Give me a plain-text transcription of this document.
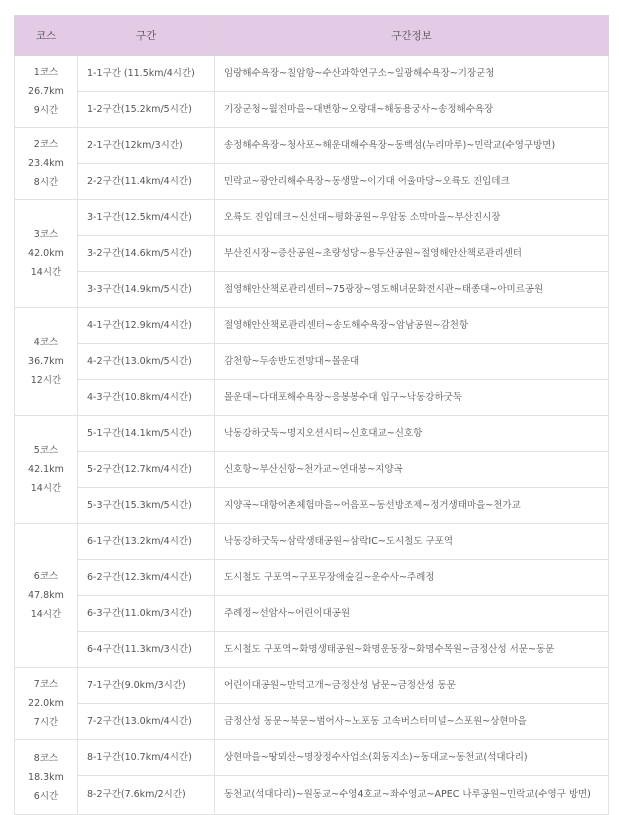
코스	구간	구간정보

1코스
26.7km
9시간	1-1구간 (11.5km/4시간)	임랑해수욕장~칠암항~수산과학연구소~일광해수욕장~기장군청
	1-2구간(15.2km/5시간)	기장군청~월전마을~대변항~오랑대~해동용궁사~송정해수욕장

2코스
23.4km
8시간	2-1구간(12km/3시간)	송정해수욕장~청사포~해운대해수욕장~동백섬(누리마루)~민락교(수영구방면)
	2-2구간(11.4km/4시간)	민락교~광안리해수욕장~동생말~이기대 어울마당~오륙도 진입데크

3코스
42.0km
14시간	3-1구간(12.5km/4시간)	오륙도 진입데크~신선대~평화공원~우암동 소막마을~부산진시장
	3-2구간(14.6km/5시간)	부산진시장~증산공원~초량성당~용두산공원~절영해안산책로관리센터
	3-3구간(14.9km/5시간)	절영해안산책로관리센터~75광장~영도해녀문화전시관~태종대~아미르공원

4코스
36.7km
12시간	4-1구간(12.9km/4시간)	절영해안산책로관리센터~송도해수욕장~암남공원~감천항
	4-2구간(13.0km/5시간)	감천항~두송반도전망대~몰운대
	4-3구간(10.8km/4시간)	몰운대~다대포해수욕장~응봉봉수대 입구~낙동강하굿둑

5코스
42.1km
14시간	5-1구간(14.1km/5시간)	낙동강하굿둑~명지오션시티~신호대교~신호항
	5-2구간(12.7km/4시간)	신호항~부산신항~천가교~연대봉~지양곡
	5-3구간(15.3km/5시간)	지양곡~대항어촌체험마을~어음포~동선방조제~정거생태마을~천가교

6코스
47.8km
14시간	6-1구간(13.2km/4시간)	낙동강하굿둑~삼락생태공원~삼락IC~도시철도 구포역
	6-2구간(12.3km/4시간)	도시철도 구포역~구포무장애숲길~운수사~주례정
	6-3구간(11.0km/3시간)	주례정~선암사~어린이대공원
	6-4구간(11.3km/3시간)	도시철도 구포역~화명생태공원~화명운동장~화명수목원~금정산성 서문~동문

7코스
22.0km
7시간	7-1구간(9.0km/3시간)	어린이대공원~만덕고개~금정산성 남문~금정산성 동문
	7-2구간(13.0km/4시간)	금정산성 동문~북문~범어사~노포동 고속버스터미널~스포원~상현마을

8코스
18.3km
6시간	8-1구간(10.7km/4시간)	상현마을~땅뫼산~명장정수사업소(회동지소)~동대교~동천교(석대다리)
	8-2구간(7.6km/2시간)	동천교(석대다리)~원동교~수영4호교~좌수영교~APEC 나루공원~민락교(수영구 방면)
